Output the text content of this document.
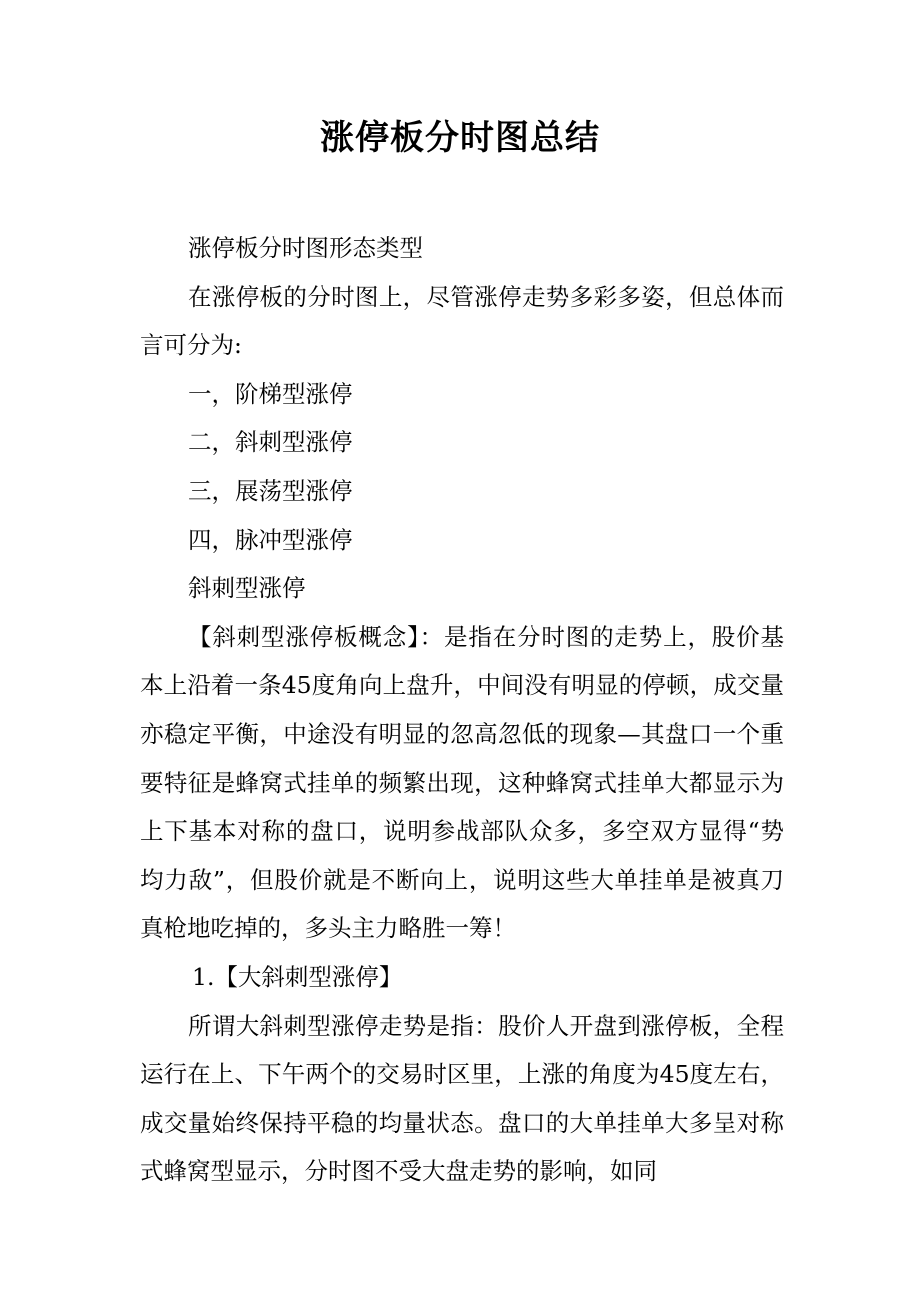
涨停板分时图总结

涨停板分时图形态类型

在涨停板的分时图上，尽管涨停走势多彩多姿，但总体而言可分为:

一，阶梯型涨停

二，斜刺型涨停

三，展荡型涨停

四，脉冲型涨停

斜刺型涨停

【斜刺型涨停板概念】：是指在分时图的走势上，股价基本上沿着一条45度角向上盘升，中间没有明显的停顿，成交量亦稳定平衡，中途没有明显的忽高忽低的现象—其盘口一个重要特征是蜂窝式挂单的频繁出现，这种蜂窝式挂单大都显示为上下基本对称的盘口，说明参战部队众多，多空双方显得“势均力敌”，但股价就是不断向上，说明这些大单挂单是被真刀真枪地吃掉的，多头主力略胜一筹！

1.【大斜刺型涨停】

所谓大斜刺型涨停走势是指：股价人开盘到涨停板，全程运行在上、下午两个的交易时区里，上涨的角度为45度左右，成交量始终保持平稳的均量状态。盘口的大单挂单大多呈对称式蜂窝型显示，分时图不受大盘走势的影响，如同
